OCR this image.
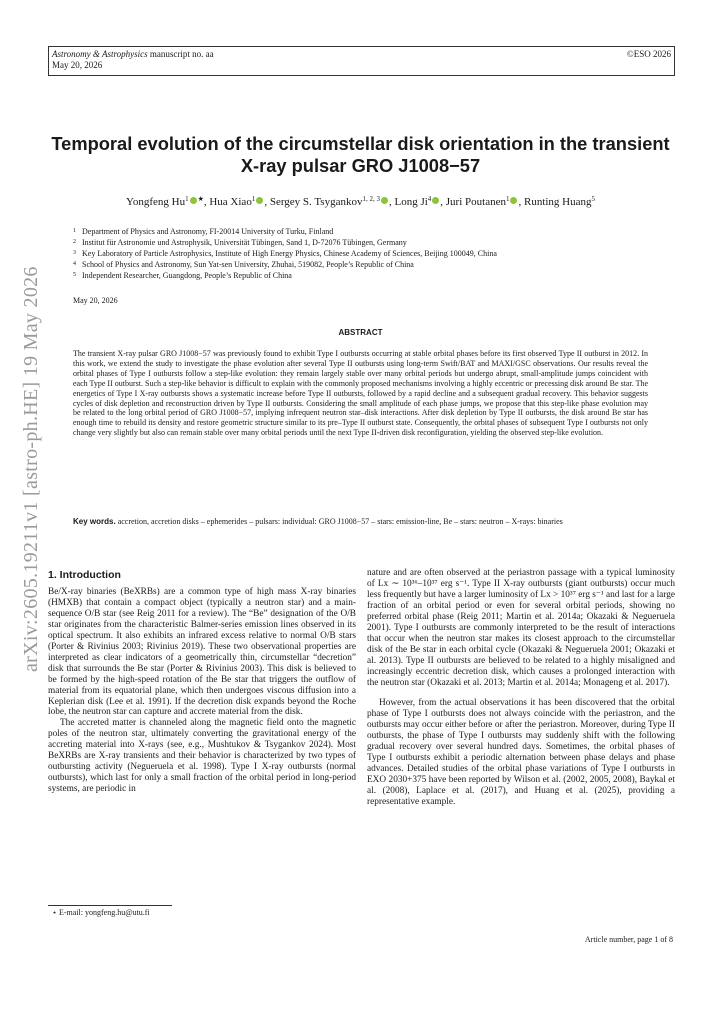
Astronomy & Astrophysics manuscript no. aa
May 20, 2026
©ESO 2026
arXiv:2605.19211v1 [astro-ph.HE] 19 May 2026
Temporal evolution of the circumstellar disk orientation in the transient X-ray pulsar GRO J1008−57
Yongfeng Hu$^1$ ★, Hua Xiao$^1$ , Sergey S. Tsygankov$^{1, 2, 3}$ , Long Ji$^4$ , Juri Poutanen$^1$ , Runting Huang$^5$
1 Department of Physics and Astronomy, FI-20014 University of Turku, Finland
2 Institut für Astronomie und Astrophysik, Universität Tübingen, Sand 1, D-72076 Tübingen, Germany
3 Key Laboratory of Particle Astrophysics, Institute of High Energy Physics, Chinese Academy of Sciences, Beijing 100049, China
4 School of Physics and Astronomy, Sun Yat-sen University, Zhuhai, 519082, People’s Republic of China
5 Independent Researcher, Guangdong, People’s Republic of China
May 20, 2026
ABSTRACT
The transient X-ray pulsar GRO J1008−57 was previously found to exhibit Type I outbursts occurring at stable orbital phases before its first observed Type II outburst in 2012. In this work, we extend the study to investigate the phase evolution after several Type II outbursts using long-term Swift/BAT and MAXI/GSC observations. Our results reveal the orbital phases of Type I outbursts follow a step-like evolution: they remain largely stable over many orbital periods but undergo abrupt, small-amplitude jumps coincident with each Type II outburst. Such a step-like behavior is difficult to explain with the commonly proposed mechanisms involving a highly eccentric or precessing disk around Be star. The energetics of Type I X-ray outbursts shows a systematic increase before Type II outbursts, followed by a rapid decline and a subsequent gradual recovery. This behavior suggests cycles of disk depletion and reconstruction driven by Type II outbursts. Considering the small amplitude of each phase jumps, we propose that this step-like phase evolution may be related to the long orbital period of GRO J1008−57, implying infrequent neutron star–disk interactions. After disk depletion by Type II outbursts, the disk around Be star has enough time to rebuild its density and restore geometric structure similar to its pre–Type II outburst state. Consequently, the orbital phases of subsequent Type I outbursts not only change very slightly but also can remain stable over many orbital periods until the next Type II-driven disk reconfiguration, yielding the observed step-like evolution.
Key words. accretion, accretion disks – ephemerides – pulsars: individual: GRO J1008−57 – stars: emission-line, Be – stars: neutron – X-rays: binaries
1. Introduction

Be/X-ray binaries (BeXRBs) are a common type of high mass X-ray binaries (HMXB) that contain a compact object (typically a neutron star) and a main-sequence O/B star (see Reig 2011 for a review). The “Be” designation of the O/B star originates from the characteristic Balmer-series emission lines observed in its optical spectrum. It also exhibits an infrared excess relative to normal O/B stars (Porter & Rivinius 2003; Rivinius 2019). These two observational properties are interpreted as clear indicators of a geometrically thin, circumstellar “decretion” disk that surrounds the Be star (Porter & Rivinius 2003). This disk is believed to be formed by the high-speed rotation of the Be star that triggers the outflow of material from its equatorial plane, which then undergoes viscous diffusion into a Keplerian disk (Lee et al. 1991). If the decretion disk expands beyond the Roche lobe, the neutron star can capture and accrete material from the disk.

The accreted matter is channeled along the magnetic field onto the magnetic poles of the neutron star, ultimately converting the gravitational energy of the accreting material into X-rays (see, e.g., Mushtukov & Tsygankov 2024). Most BeXRBs are X-ray transients and their behavior is characterized by two types of outbursting activity (Negueruela et al. 1998). Type I X-ray outbursts (normal outbursts), which last for only a small fraction of the orbital period in long-period systems, are periodic in

nature and are often observed at the periastron passage with a typical luminosity of Lx ∼ 10³⁶–10³⁷ erg s⁻¹. Type II X-ray outbursts (giant outbursts) occur much less frequently but have a larger luminosity of Lx > 10³⁷ erg s⁻¹ and last for a large fraction of an orbital period or even for several orbital periods, showing no preferred orbital phase (Reig 2011; Martin et al. 2014a; Okazaki & Negueruela 2001). Type I outbursts are commonly interpreted to be the result of interactions that occur when the neutron star makes its closest approach to the circumstellar disk of the Be star in each orbital cycle (Okazaki & Negueruela 2001; Okazaki et al. 2013). Type II outbursts are believed to be related to a highly misaligned and increasingly eccentric decretion disk, which causes a prolonged interaction with the neutron star (Okazaki et al. 2013; Martin et al. 2014a; Monageng et al. 2017).

However, from the actual observations it has been discovered that the orbital phase of Type I outbursts does not always coincide with the periastron, and the outbursts may occur either before or after the periastron. Moreover, during Type II outbursts, the phase of Type I outbursts may suddenly shift with the following gradual recovery over several hundred days. Sometimes, the orbital phases of Type I outbursts exhibit a periodic alternation between phase delays and phase advances. Detailed studies of the orbital phase variations of Type I outbursts in EXO 2030+375 have been reported by Wilson et al. (2002, 2005, 2008), Baykal et al. (2008), Laplace et al. (2017), and Huang et al. (2025), providing a representative example.

⋆ E-mail: yongfeng.hu@utu.fi
Article number, page 1 of 8
